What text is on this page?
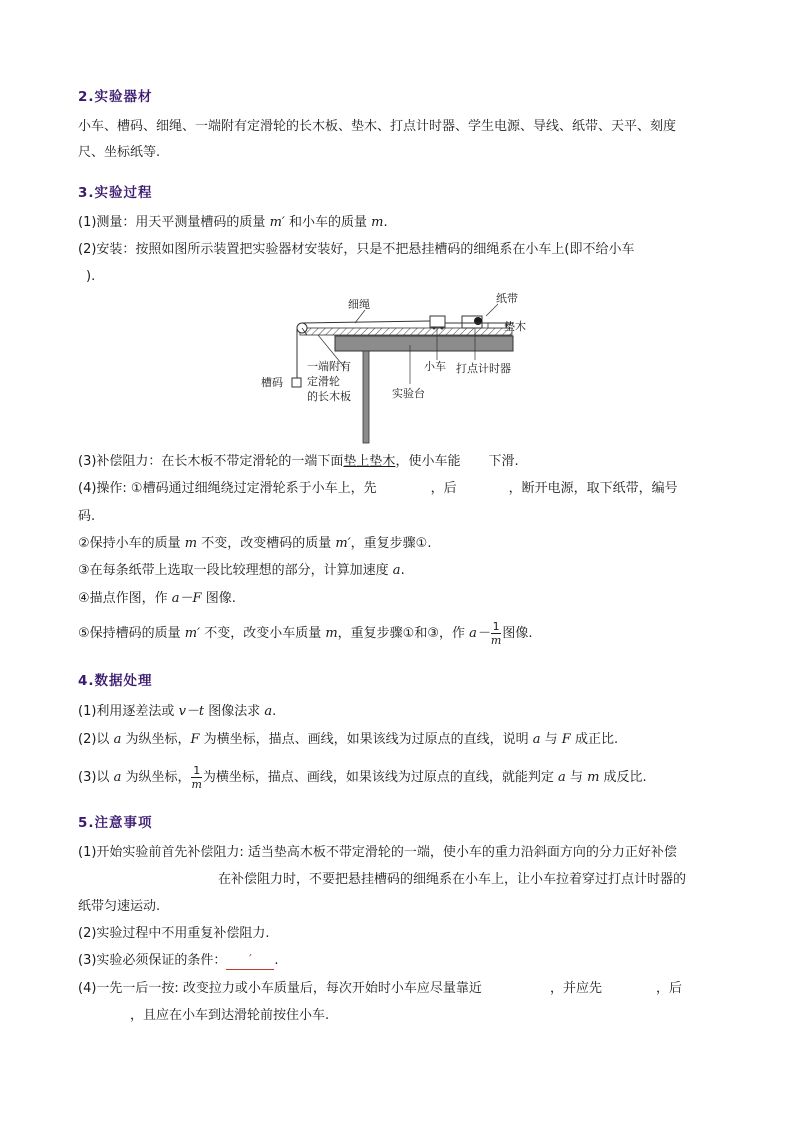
2.实验器材
小车、槽码、细绳、一端附有定滑轮的长木板、垫木、打点计时器、学生电源、导线、纸带、天平、刻度
尺、坐标纸等.
3.实验过程
(1)测量：用天平测量槽码的质量 m′ 和小车的质量 m.
(2)安装：按照如图所示装置把实验器材安装好，只是不把悬挂槽码的细绳系在小车上(即不给小车
).
细绳	纸带
垫木
槽码
一端附有
定滑轮
的长木板
小车 打点计时器
实验台
(3)补偿阻力：在长木板不带定滑轮的一端下面垫上垫木，使小车能 下滑.
(4)操作: ①槽码通过细绳绕过定滑轮系于小车上，先	，后	，断开电源，取下纸带，编号
码.
②保持小车的质量 m 不变，改变槽码的质量 m′，重复步骤①.
③在每条纸带上选取一段比较理想的部分，计算加速度 a.
④描点作图，作 a－F 图像.
⑤保持槽码的质量 m′ 不变，改变小车质量 m，重复步骤①和③，作 $a- \frac{1}{m}$ 图像.
4.数据处理
(1)利用逐差法或 v－t 图像法求 a.
(2)以 a 为纵坐标，F 为横坐标，描点、画线，如果该线为过原点的直线，说明 a 与 F 成正比.
(3)以 a 为纵坐标， $\frac{1}{m}$ 为横坐标，描点、画线，如果该线为过原点的直线，就能判定 a 与 m 成反比.
5.注意事项
(1)开始实验前首先补偿阻力: 适当垫高木板不带定滑轮的一端，使小车的重力沿斜面方向的分力正好补偿
在补偿阻力时，不要把悬挂槽码的细绳系在小车上，让小车拉着穿过打点计时器的
纸带匀速运动.
(2)实验过程中不用重复补偿阻力.
(3)实验必须保证的条件： ′ .
(4)一先一后一按: 改变拉力或小车质量后，每次开始时小车应尽量靠近	，并应先	，后
，且应在小车到达滑轮前按住小车.
